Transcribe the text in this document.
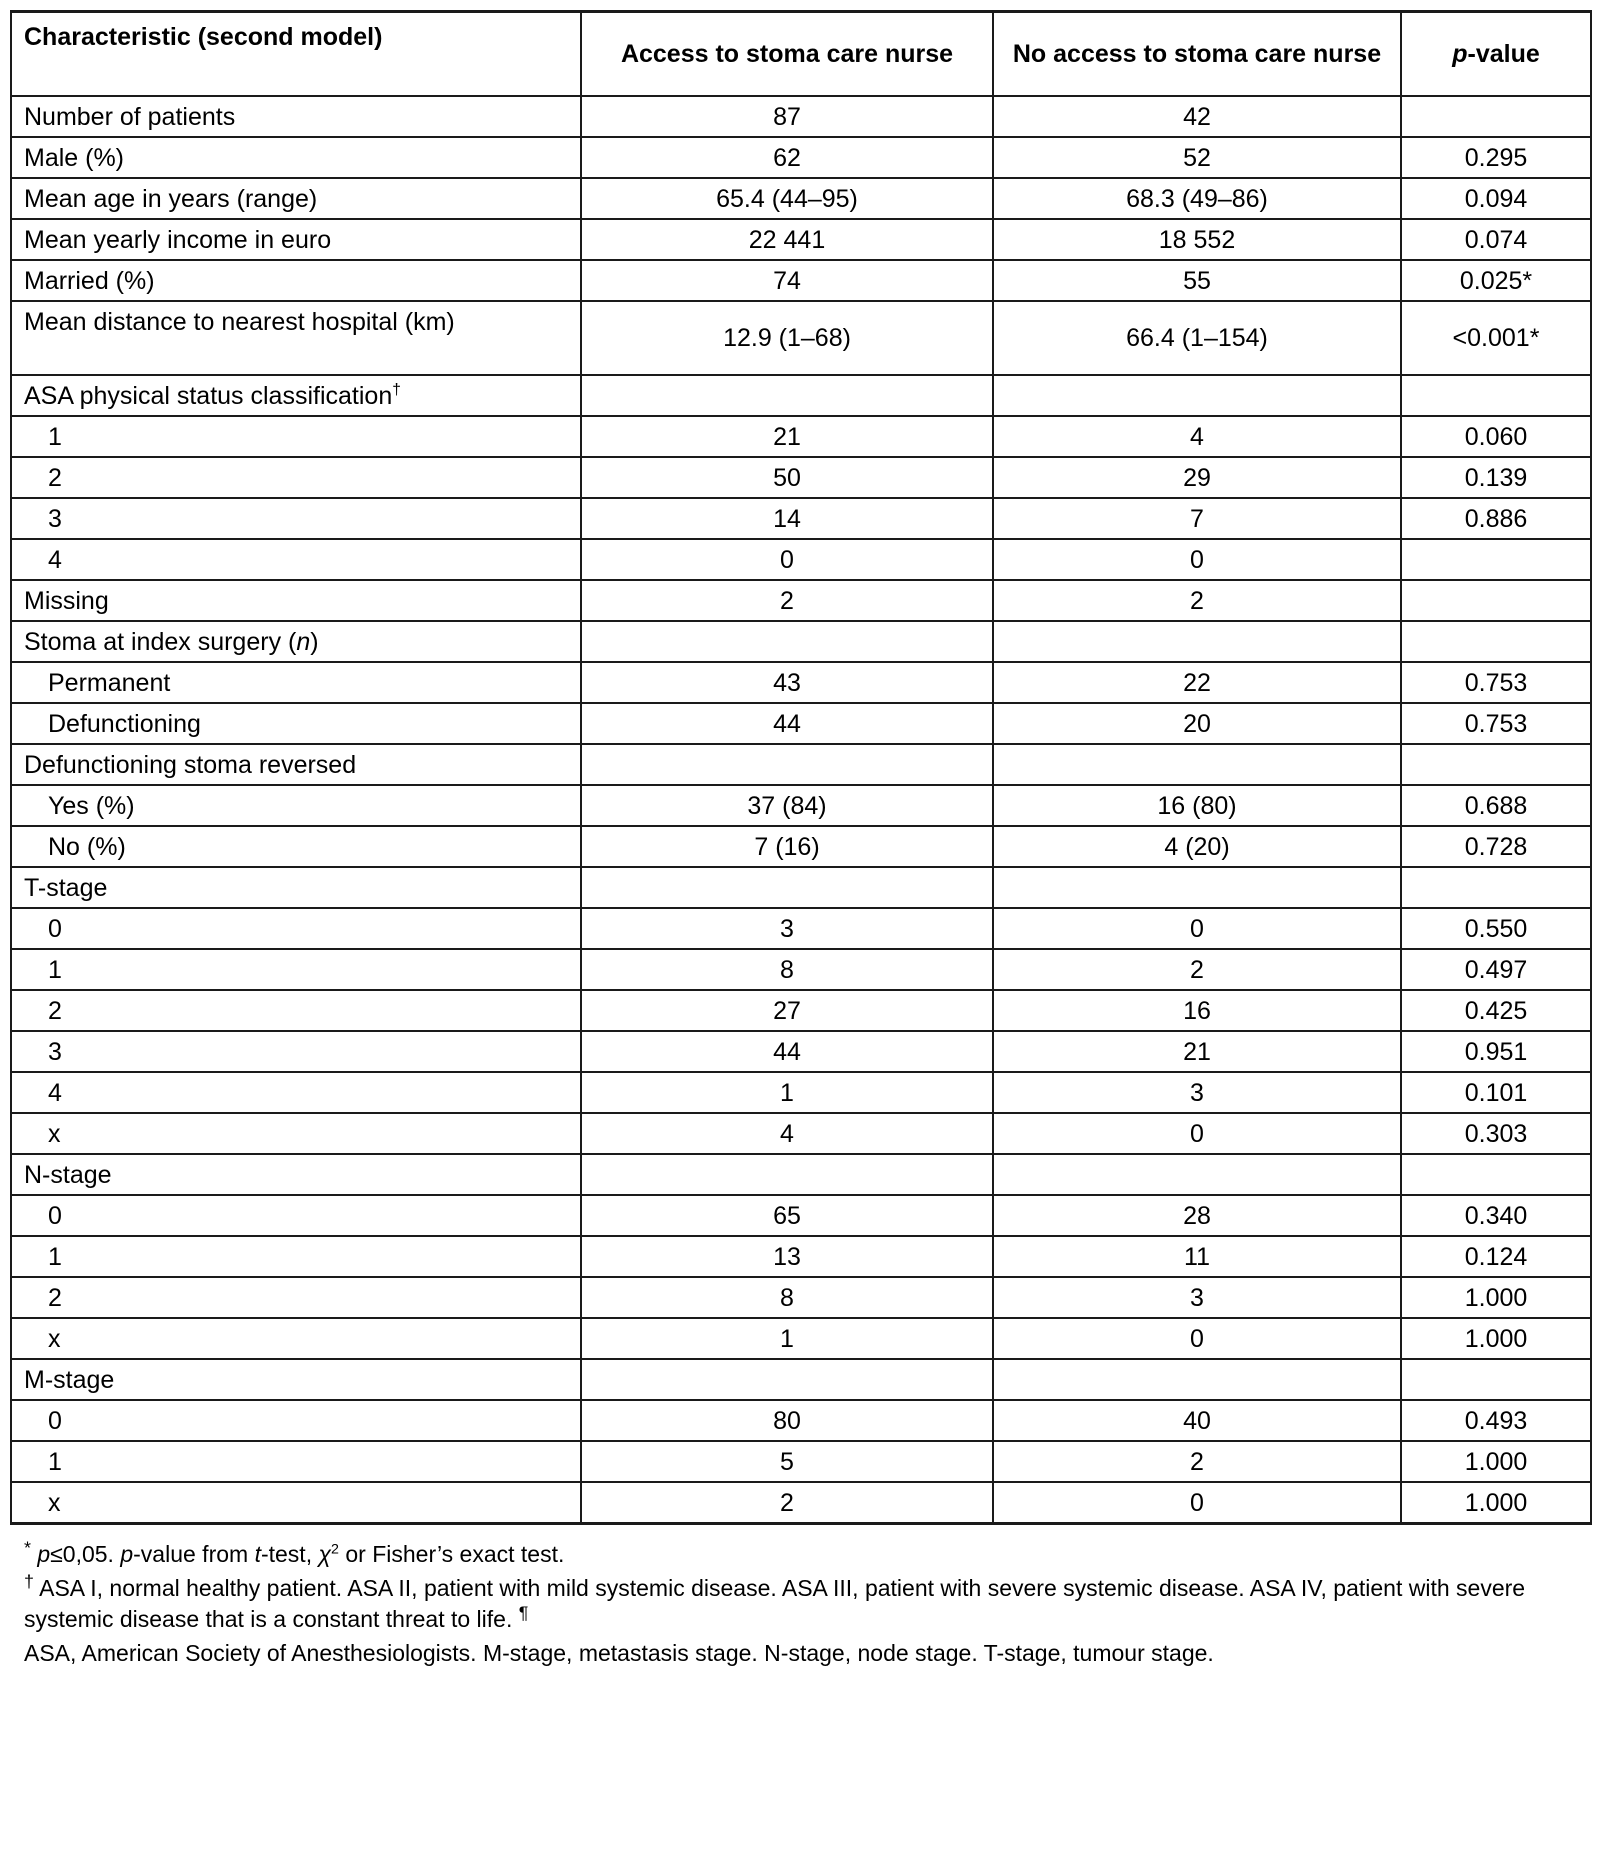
Characteristic (second model)	Access to stoma care nurse	No access to stoma care nurse	p-value
Number of patients	87	42	
Male (%)	62	52	0.295
Mean age in years (range)	65.4 (44–95)	68.3 (49–86)	0.094
Mean yearly income in euro	22 441	18 552	0.074
Married (%)	74	55	0.025*
Mean distance to nearest hospital (km)	12.9 (1–68)	66.4 (1–154)	<0.001*
ASA physical status classification†			
1	21	4	0.060
2	50	29	0.139
3	14	7	0.886
4	0	0	
Missing	2	2	
Stoma at index surgery (n)			
Permanent	43	22	0.753
Defunctioning	44	20	0.753
Defunctioning stoma reversed			
Yes (%)	37 (84)	16 (80)	0.688
No (%)	7 (16)	4 (20)	0.728
T-stage			
0	3	0	0.550
1	8	2	0.497
2	27	16	0.425
3	44	21	0.951
4	1	3	0.101
x	4	0	0.303
N-stage			
0	65	28	0.340
1	13	11	0.124
2	8	3	1.000
x	1	0	1.000
M-stage			
0	80	40	0.493
1	5	2	1.000
x	2	0	1.000

* p≤0,05. p-value from t-test, $\chi^2$ or Fisher’s exact test.

† ASA I, normal healthy patient. ASA II, patient with mild systemic disease. ASA III, patient with severe systemic disease. ASA IV, patient with severe systemic disease that is a constant threat to life. ¶

ASA, American Society of Anesthesiologists. M-stage, metastasis stage. N-stage, node stage. T-stage, tumour stage.
